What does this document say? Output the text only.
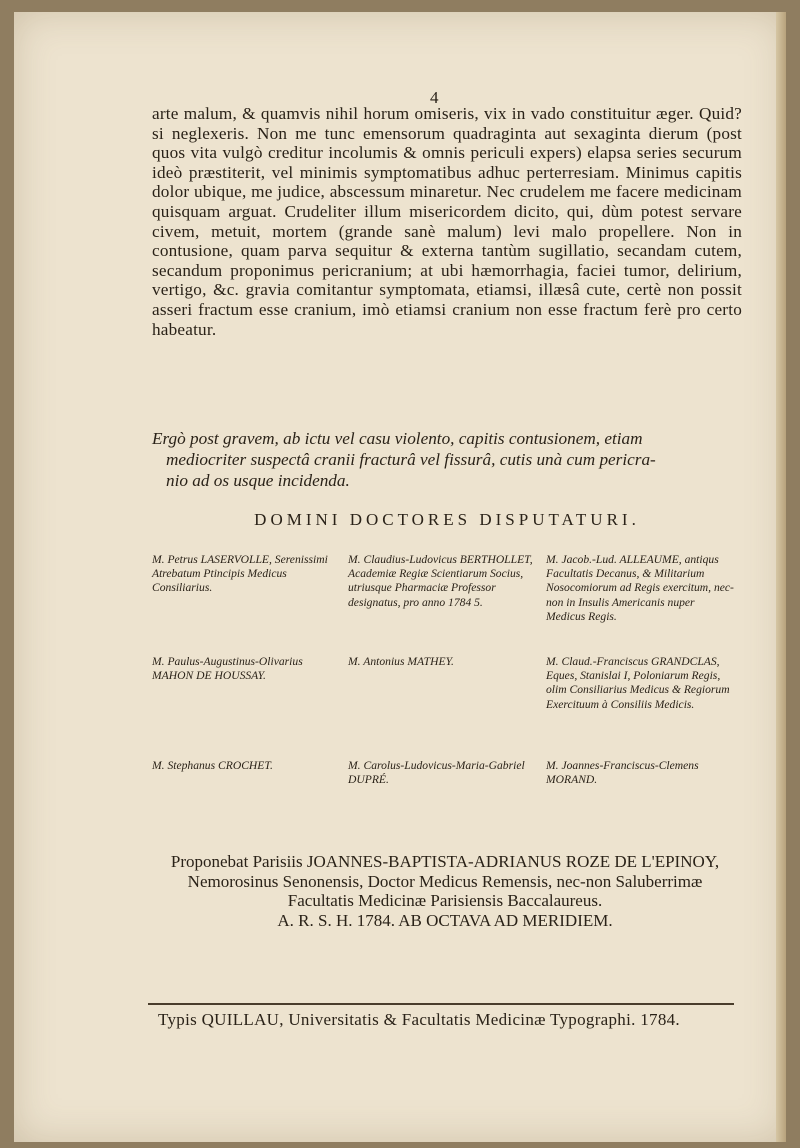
4
arte malum, & quamvis nihil horum omiseris, vix in vado constituitur æger. Quid? si neglexeris. Non me tunc emensorum quadraginta aut sexaginta dierum (post quos vita vulgò creditur incolumis & omnis periculi expers) elapsa series securum ideò præstiterit, vel minimis symptomatibus adhuc perterresiam. Minimus capitis dolor ubique, me judice, abscessum minaretur. Nec crudelem me facere medicinam quisquam arguat. Crudeliter illum misericordem dicito, qui, dùm potest servare civem, metuit, mortem (grande sanè malum) levi malo propellere. Non in contusione, quam parva sequitur & externa tantùm sugillatio, secandam cutem, secandum proponimus pericranium; at ubi hæmorrhagia, faciei tumor, delirium, vertigo, &c. gravia comitantur symptomata, etiamsi, illæsâ cute, certè non possit asseri fractum esse cranium, imò etiamsi cranium non esse fractum ferè pro certo habeatur.
Ergò post gravem, ab ictu vel casu violento, capitis contusionem, etiam
mediocriter suspectâ cranii fracturâ vel fissurâ, cutis unà cum pericra-
nio ad os usque incidenda.
DOMINI DOCTORES DISPUTATURI.
M. Petrus LASERVOLLE, Serenissimi Atrebatum Ptincipis Medicus Consiliarius.
M. Claudius-Ludovicus BERTHOLLET, Academiæ Regiæ Scientiarum Socius, utriusque Pharmaciæ Professor designatus, pro anno 1784 5.
M. Jacob.-Lud. ALLEAUME, antiqus Facultatis Decanus, & Militarium Nosocomiorum ad Regis exercitum, nec-non in Insulis Americanis nuper Medicus Regis.
M. Paulus-Augustinus-Olivarius MAHON DE HOUSSAY.
M. Antonius MATHEY.	M. Claud.-Franciscus GRANDCLAS, Eques, Stanislai I, Poloniarum Regis, olim Consiliarius Medicus & Regiorum Exercituum à Consiliis Medicis.
M. Stephanus CROCHET.	M. Carolus-Ludovicus-Maria-Gabriel DUPRÉ.
M. Joannes-Franciscus-Clemens MORAND.
Proponebat Parisiis JOANNES-BAPTISTA-ADRIANUS ROZE DE L'EPINOY,
Nemorosinus Senonensis, Doctor Medicus Remensis, nec-non Saluberrimæ
Facultatis Medicinæ Parisiensis Baccalaureus.
A. R. S. H. 1784. AB OCTAVA AD MERIDIEM.
Typis QUILLAU, Universitatis & Facultatis Medicinæ Typographi. 1784.
